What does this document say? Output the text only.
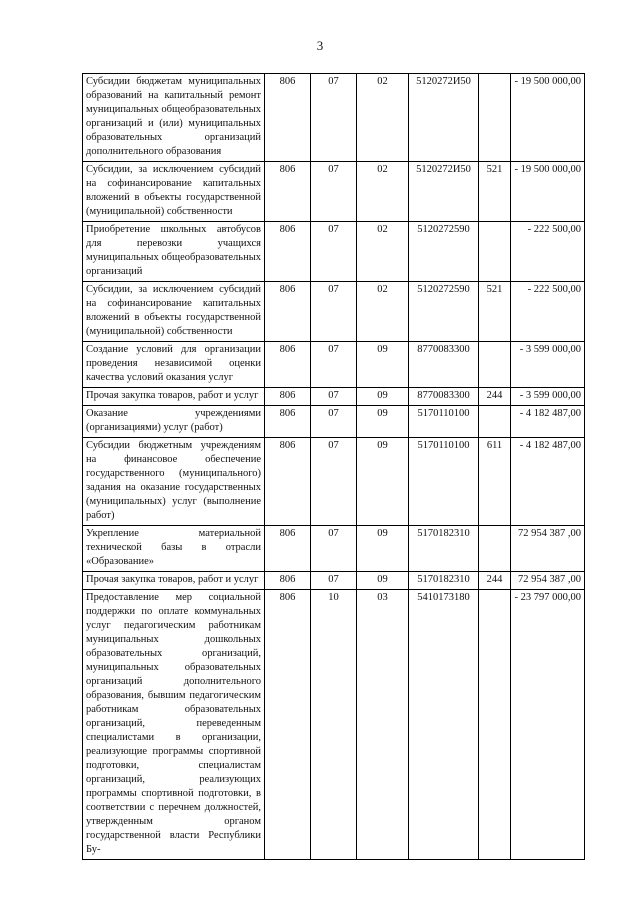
3
Субсидии бюджетам муниципальных образований на капитальный ремонт муниципальных общеобразовательных организаций и (или) муниципальных образовательных организаций дополнительного образования	806	07	02	5120272И50		- 19 500 000,00
Субсидии, за исключением субсидий на софинансирование капитальных вложений в объекты государственной (муниципальной) собственности	806	07	02	5120272И50	521	- 19 500 000,00
Приобретение школьных автобусов для перевозки учащихся муниципальных общеобразовательных организаций	806	07	02	5120272590		- 222 500,00
Субсидии, за исключением субсидий на софинансирование капитальных вложений в объекты государственной (муниципальной) собственности	806	07	02	5120272590	521	- 222 500,00
Создание условий для организации проведения независимой оценки качества условий оказания услуг	806	07	09	8770083300		- 3 599 000,00
Прочая закупка товаров, работ и услуг	806	07	09	8770083300	244	- 3 599 000,00
Оказание учреждениями (организациями) услуг (работ)	806	07	09	5170110100		- 4 182 487,00
Субсидии бюджетным учреждениям на финансовое обеспечение государственного (муниципального) задания на оказание государственных (муниципальных) услуг (выполнение работ)	806	07	09	5170110100	611	- 4 182 487,00
Укрепление материальной технической базы в отрасли «Образование»	806	07	09	5170182310		72 954 387 ,00
Прочая закупка товаров, работ и услуг	806	07	09	5170182310	244	72 954 387 ,00
Предоставление мер социальной поддержки по оплате коммунальных услуг педагогическим работникам муниципальных дошкольных образовательных организаций, муниципальных образовательных организаций дополнительного образования, бывшим педагогическим работникам образовательных организаций, переведенным специалистами в организации, реализующие программы спортивной подготовки, специалистам организаций, реализующих программы спортивной подготовки, в соответствии с перечнем должностей, утвержденным органом государственной власти Республики Бу-	806	10	03	5410173180		- 23 797 000,00
